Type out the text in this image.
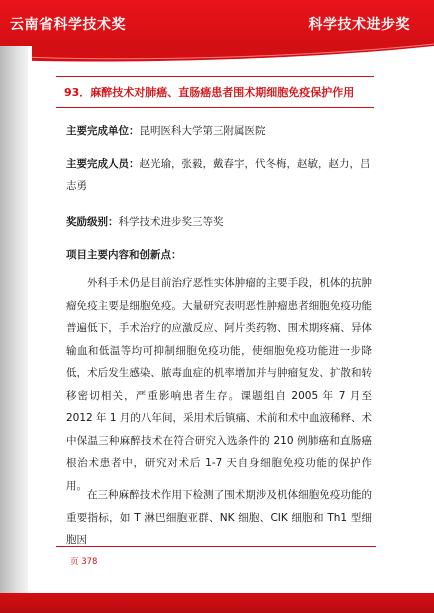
云南省科学技术奖	科学技术进步奖
93．麻醉技术对肺癌、直肠癌患者围术期细胞免疫保护作用
主要完成单位：昆明医科大学第三附属医院
主要完成人员：赵光瑜，张毅，戴春宇，代冬梅，赵敏，赵力，吕志勇
奖励级别：科学技术进步奖三等奖
项目主要内容和创新点：
外科手术仍是目前治疗恶性实体肿瘤的主要手段，机体的抗肿瘤免疫主要是细胞免疫。大量研究表明恶性肿瘤患者细胞免疫功能普遍低下，手术治疗的应激反应、阿片类药物、围术期疼痛、异体输血和低温等均可抑制细胞免疫功能，使细胞免疫功能进一步降低，术后发生感染、脓毒血症的机率增加并与肿瘤复发、扩散和转移密切相关，严重影响患者生存。课题组自 2005 年 7 月至 2012 年 1 月的八年间，采用术后镇痛、术前和术中血液稀释、术中保温三种麻醉技术在符合研究入选条件的 210 例肺癌和直肠癌根治术患者中，研究对术后 1-7 天自身细胞免疫功能的保护作用。
在三种麻醉技术作用下检测了围术期涉及机体细胞免疫功能的重要指标，如 T 淋巴细胞亚群、NK 细胞、CIK 细胞和 Th1 型细胞因
页 378
